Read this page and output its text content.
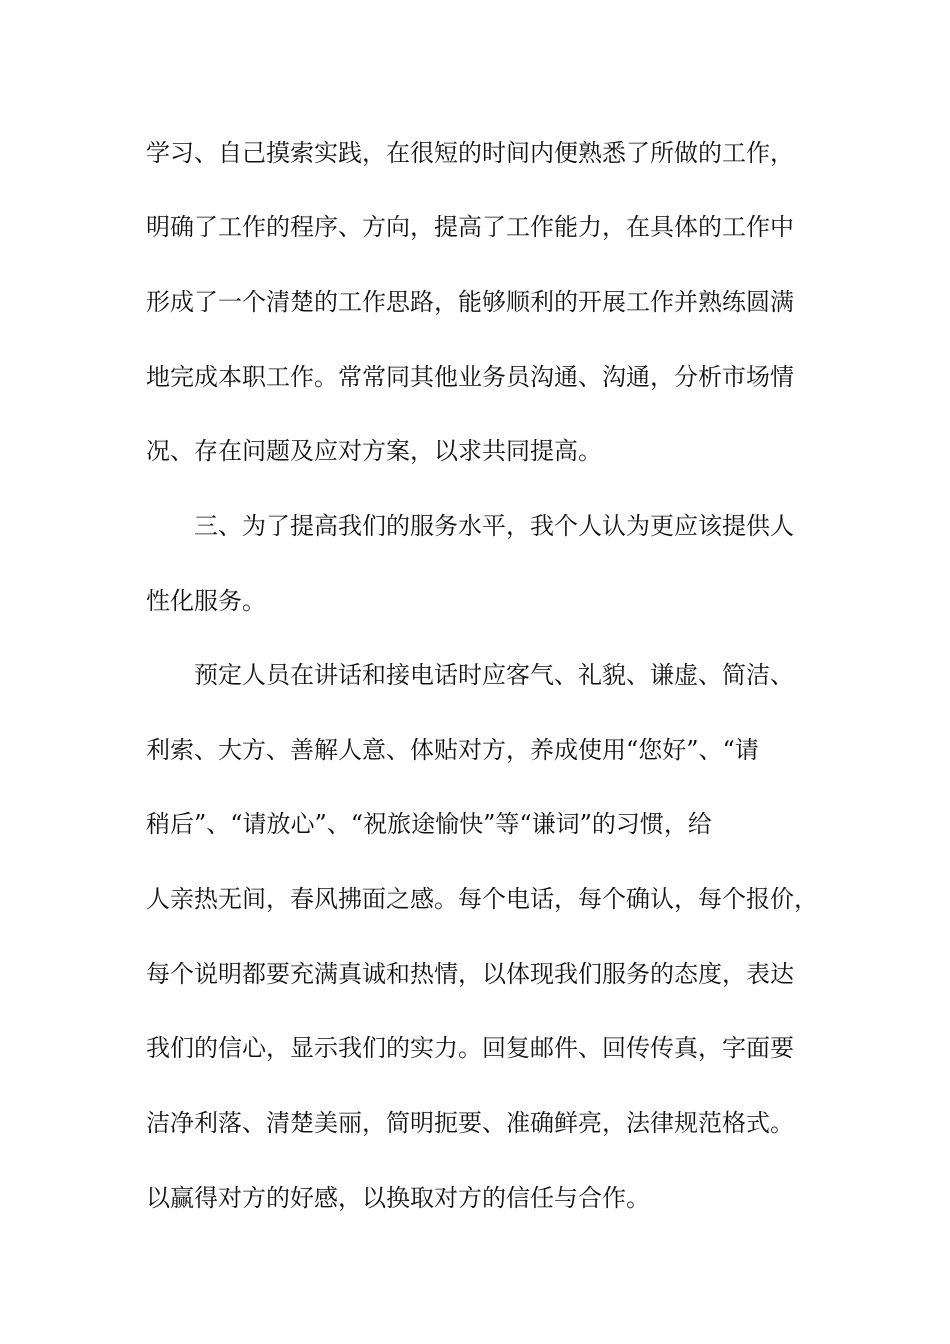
学习、自己摸索实践，在很短的时间内便熟悉了所做的工作，
明确了工作的程序、方向，提高了工作能力，在具体的工作中
形成了一个清楚的工作思路，能够顺利的开展工作并熟练圆满
地完成本职工作。常常同其他业务员沟通、沟通，分析市场情
况、存在问题及应对方案，以求共同提高。
三、为了提高我们的服务水平，我个人认为更应该提供人
性化服务。
预定人员在讲话和接电话时应客气、礼貌、谦虚、简洁、
利索、大方、善解人意、体贴对方，养成使用“您好”、“请
稍后”、“请放心”、“祝旅途愉快”等“谦词”的习惯，给
人亲热无间，春风拂面之感。每个电话，每个确认，每个报价，
每个说明都要充满真诚和热情，以体现我们服务的态度，表达
我们的信心，显示我们的实力。回复邮件、回传传真，字面要
洁净利落、清楚美丽，简明扼要、准确鲜亮，法律规范格式。
以赢得对方的好感，以换取对方的信任与合作。
